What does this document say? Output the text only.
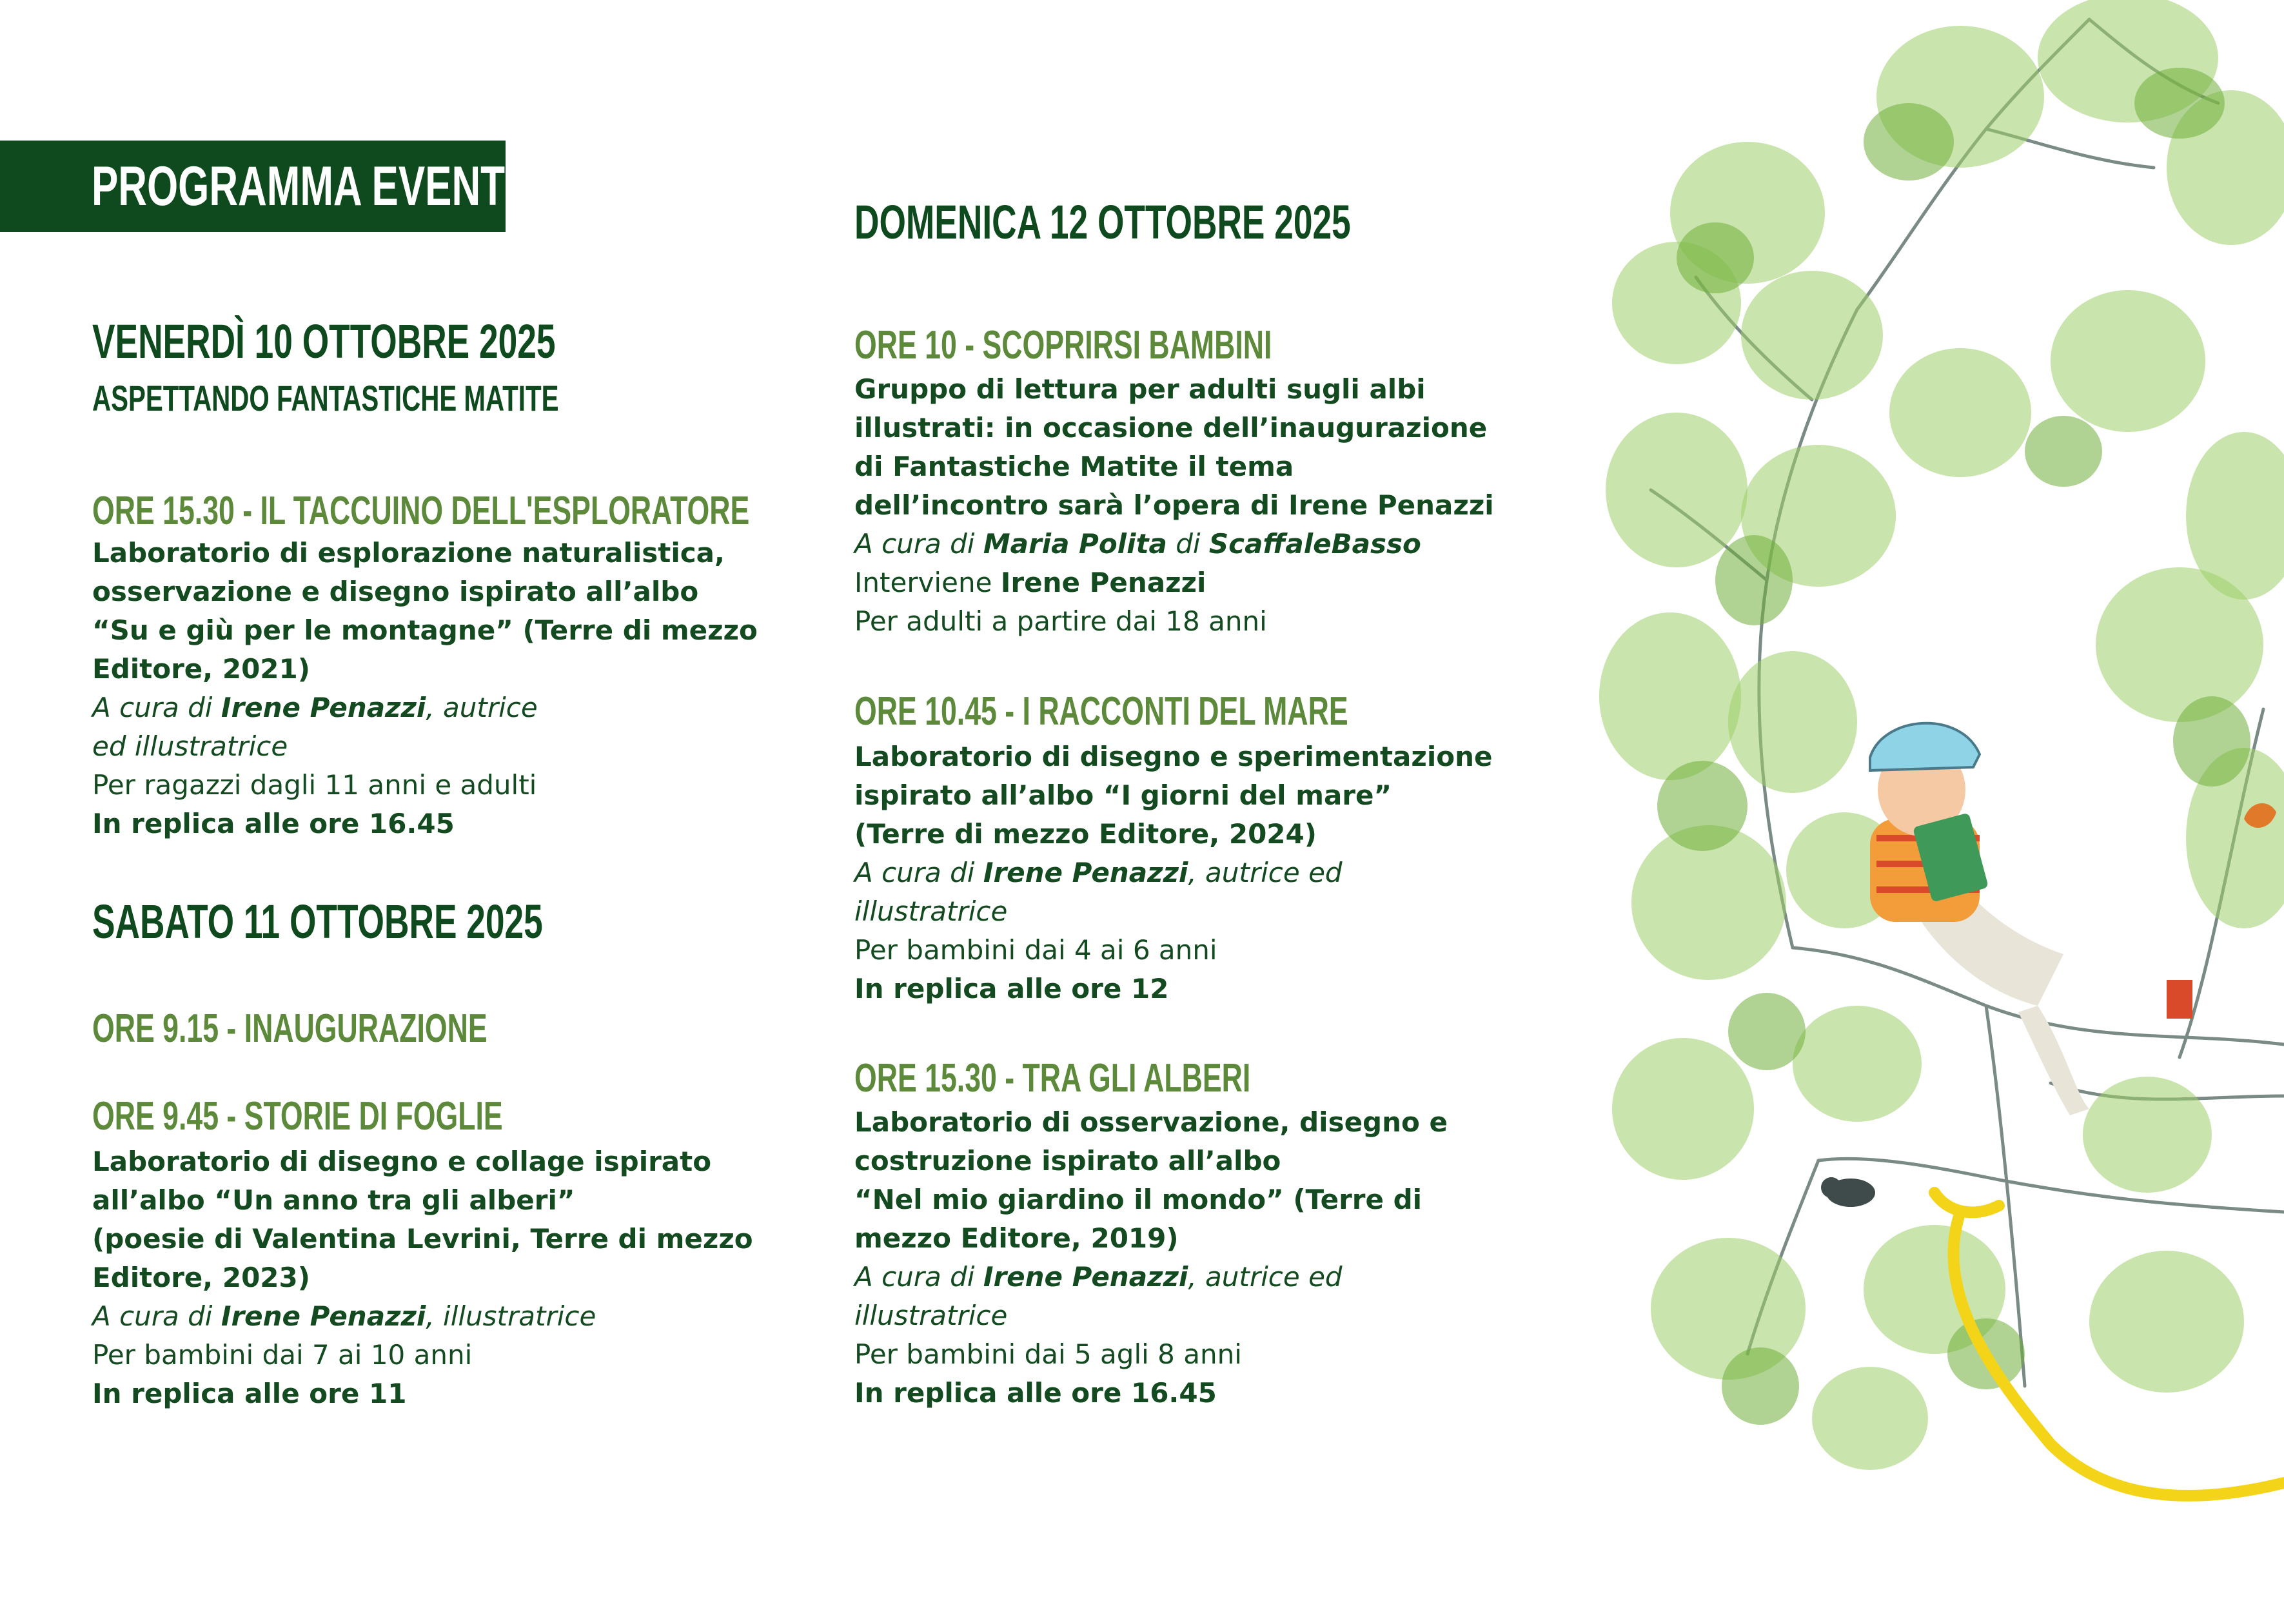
PROGRAMMA EVENTI
VENERDÌ 10 OTTOBRE 2025
ASPETTANDO FANTASTICHE MATITE
ORE 15.30 - IL TACCUINO DELL'ESPLORATORE
Laboratorio di esplorazione naturalistica,
osservazione e disegno ispirato all’albo
“Su e giù per le montagne” (Terre di mezzo
Editore, 2021)
A cura di Irene Penazzi, autrice
ed illustratrice
Per ragazzi dagli 11 anni e adulti
In replica alle ore 16.45
SABATO 11 OTTOBRE 2025
ORE 9.15 - INAUGURAZIONE
ORE 9.45 - STORIE DI FOGLIE
Laboratorio di disegno e collage ispirato
all’albo “Un anno tra gli alberi”
(poesie di Valentina Levrini, Terre di mezzo
Editore, 2023)
A cura di Irene Penazzi, illustratrice
Per bambini dai 7 ai 10 anni
In replica alle ore 11
DOMENICA 12 OTTOBRE 2025
ORE 10 - SCOPRIRSI BAMBINI
Gruppo di lettura per adulti sugli albi
illustrati: in occasione dell’inaugurazione
di Fantastiche Matite il tema
dell’incontro sarà l’opera di Irene Penazzi
A cura di Maria Polita di ScaffaleBasso
Interviene Irene Penazzi
Per adulti a partire dai 18 anni
ORE 10.45 - I RACCONTI DEL MARE
Laboratorio di disegno e sperimentazione
ispirato all’albo “I giorni del mare”
(Terre di mezzo Editore, 2024)
A cura di Irene Penazzi, autrice ed
illustratrice
Per bambini dai 4 ai 6 anni
In replica alle ore 12
ORE 15.30 - TRA GLI ALBERI
Laboratorio di osservazione, disegno e
costruzione ispirato all’albo
“Nel mio giardino il mondo” (Terre di
mezzo Editore, 2019)
A cura di Irene Penazzi, autrice ed
illustratrice
Per bambini dai 5 agli 8 anni
In replica alle ore 16.45
